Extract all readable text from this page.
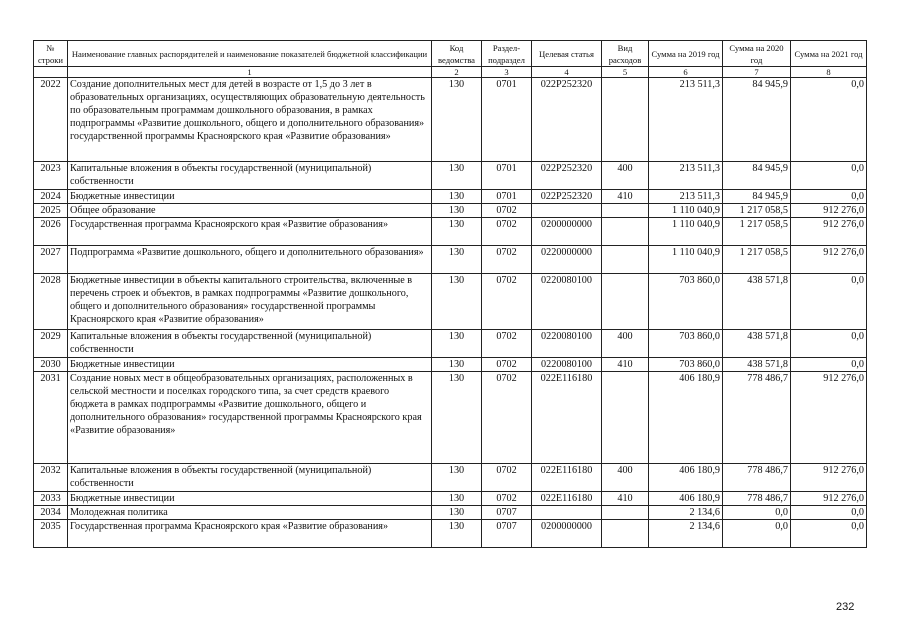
№ строки	Наименование главных распорядителей и наименование показателей бюджетной классификации	Код ведомства	Раздел-подраздел	Целевая статья	Вид расходов	Сумма на 2019 год	Сумма на 2020 год	Сумма на 2021 год
	1	2	3	4	5	6	7	8
2022	Создание дополнительных мест для детей в возрасте от 1,5 до 3 лет в образовательных организациях, осуществляющих образовательную деятельность по образовательным программам дошкольного образования, в рамках подпрограммы «Развитие дошкольного, общего и дополнительного образования» государственной программы Красноярского края «Развитие образования»	130	0701	022P252320		213 511,3	84 945,9	0,0
2023	Капитальные вложения в объекты государственной (муниципальной) собственности	130	0701	022P252320	400	213 511,3	84 945,9	0,0
2024	Бюджетные инвестиции	130	0701	022P252320	410	213 511,3	84 945,9	0,0
2025	Общее образование	130	0702			1 110 040,9	1 217 058,5	912 276,0
2026	Государственная программа Красноярского края «Развитие образования»	130	0702	0200000000		1 110 040,9	1 217 058,5	912 276,0
2027	Подпрограмма «Развитие дошкольного, общего и дополнительного образования»	130	0702	0220000000		1 110 040,9	1 217 058,5	912 276,0
2028	Бюджетные инвестиции в объекты капитального строительства, включенные в перечень строек и объектов, в рамках подпрограммы «Развитие дошкольного, общего и дополнительного образования» государственной программы Красноярского края «Развитие образования»	130	0702	0220080100		703 860,0	438 571,8	0,0
2029	Капитальные вложения в объекты государственной (муниципальной) собственности	130	0702	0220080100	400	703 860,0	438 571,8	0,0
2030	Бюджетные инвестиции	130	0702	0220080100	410	703 860,0	438 571,8	0,0
2031	Создание новых мест в общеобразовательных организациях, расположенных в сельской местности и поселках городского типа, за счет средств краевого бюджета в рамках подпрограммы «Развитие дошкольного, общего и дополнительного образования» государственной программы Красноярского края «Развитие образования»	130	0702	022E116180		406 180,9	778 486,7	912 276,0
2032	Капитальные вложения в объекты государственной (муниципальной) собственности	130	0702	022E116180	400	406 180,9	778 486,7	912 276,0
2033	Бюджетные инвестиции	130	0702	022E116180	410	406 180,9	778 486,7	912 276,0
2034	Молодежная политика	130	0707			2 134,6	0,0	0,0
2035	Государственная программа Красноярского края «Развитие образования»	130	0707	0200000000		2 134,6	0,0	0,0
232
